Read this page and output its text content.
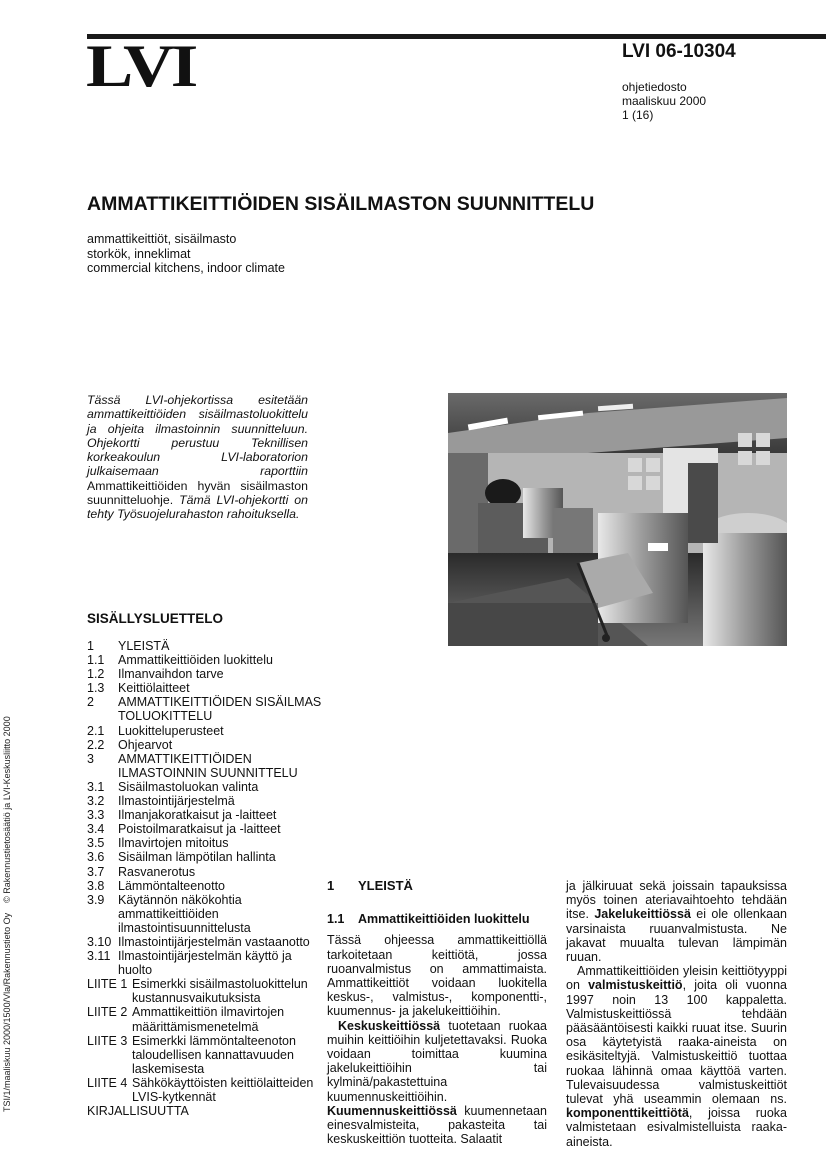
LVI	LVI 06-10304
ohjetiedosto
maaliskuu 2000
1 (16)
AMMATTIKEITTIÖIDEN SISÄILMASTON SUUNNITTELU
ammattikeittiöt, sisäilmasto
storkök, inneklimat
commercial kitchens, indoor climate
Tässä LVI-ohjekortissa esitetään ammattikeittiöiden sisäilmastoluokittelu ja ohjeita ilmastoinnin suunnitteluun. Ohjekortti perustuu Teknillisen korkeakoulun LVI-laboratorion julkaisemaan raporttiin Ammattikeittiöiden hyvän sisäilmaston suunnitteluohje. Tämä LVI-ohjekortti on tehty Työsuojelurahaston rahoituksella.
SISÄLLYSLUETTELO
1	YLEISTÄ
1.1	Ammattikeittiöiden luokittelu
1.2	Ilmanvaihdon tarve
1.3	Keittiölaitteet
2	AMMATTIKEITTIÖIDEN SISÄILMASTOLUOKITTELU
2.1	Luokitteluperusteet
2.2	Ohjearvot
3	AMMATTIKEITTIÖIDEN ILMASTOINNIN SUUNNITTELU
3.1	Sisäilmastoluokan valinta
3.2	Ilmastointijärjestelmä
3.3	Ilmanjakoratkaisut ja -laitteet
3.4	Poistoilmaratkaisut ja -laitteet
3.5	Ilmavirtojen mitoitus
3.6	Sisäilman lämpötilan hallinta
3.7	Rasvanerotus
3.8	Lämmöntalteenotto
3.9	Käytännön näkökohtia ammattikeittiöiden ilmastointisuunnittelusta
3.10 Ilmastointijärjestelmän vastaanotto
3.11 Ilmastointijärjestelmän käyttö ja huolto
LIITE 1 Esimerkki sisäilmastoluokittelun kustannusvaikutuksista
LIITE 2 Ammattikeittiön ilmavirtojen määrittämismenetelmä
LIITE 3 Esimerkki lämmöntalteenoton taloudellisen kannattavuuden laskemisesta
LIITE 4 Sähkökäyttöisten keittiölaitteiden LVIS-kytkennät
KIRJALLISUUTTA
TSI/1/maaliskuu 2000/1500/Vla/Rakennustieto Oy© Rakennustietosäätiö ja LVI-Keskusliitto 2000	1 YLEISTÄ
1.1 Ammattikeittiöiden luokittelu

Tässä ohjeessa ammattikeittiöllä tarkoitetaan keittiötä, jossa ruoanvalmistus on ammattimaista. Ammattikeittiöt voidaan luokitella keskus-, valmistus-, komponentti-, kuumennus- ja jakelukeittiöihin.

Keskuskeittiössä tuotetaan ruokaa muihin keittiöihin kuljetettavaksi. Ruoka voidaan toimittaa kuumina jakelukeittiöihin tai kylminä/pakastettuina kuumennuskeittiöihin. Kuumennuskeittiössä kuumennetaan einesvalmisteita, pakasteita tai keskuskeittiön tuotteita. Salaatit

ja jälkiruuat sekä joissain tapauksissa myös toinen ateriavaihtoehto tehdään itse. Jakelukeittiössä ei ole ollenkaan varsinaista ruuanvalmistusta. Ne jakavat muualta tulevan lämpimän ruuan.

Ammattikeittiöiden yleisin keittiötyyppi on valmistuskeittiö, joita oli vuonna 1997 noin 13 100 kappaletta. Valmistuskeittiössä tehdään pääsääntöisesti kaikki ruuat itse. Suurin osa käytetyistä raaka-aineista on esikäsiteltyjä. Valmistuskeittiö tuottaa ruokaa lähinnä omaa käyttöä varten. Tulevaisuudessa valmistuskeittiöt tulevat yhä useammin olemaan ns. komponenttikeittiötä, joissa ruoka valmistetaan esivalmistelluista raaka-aineista.
